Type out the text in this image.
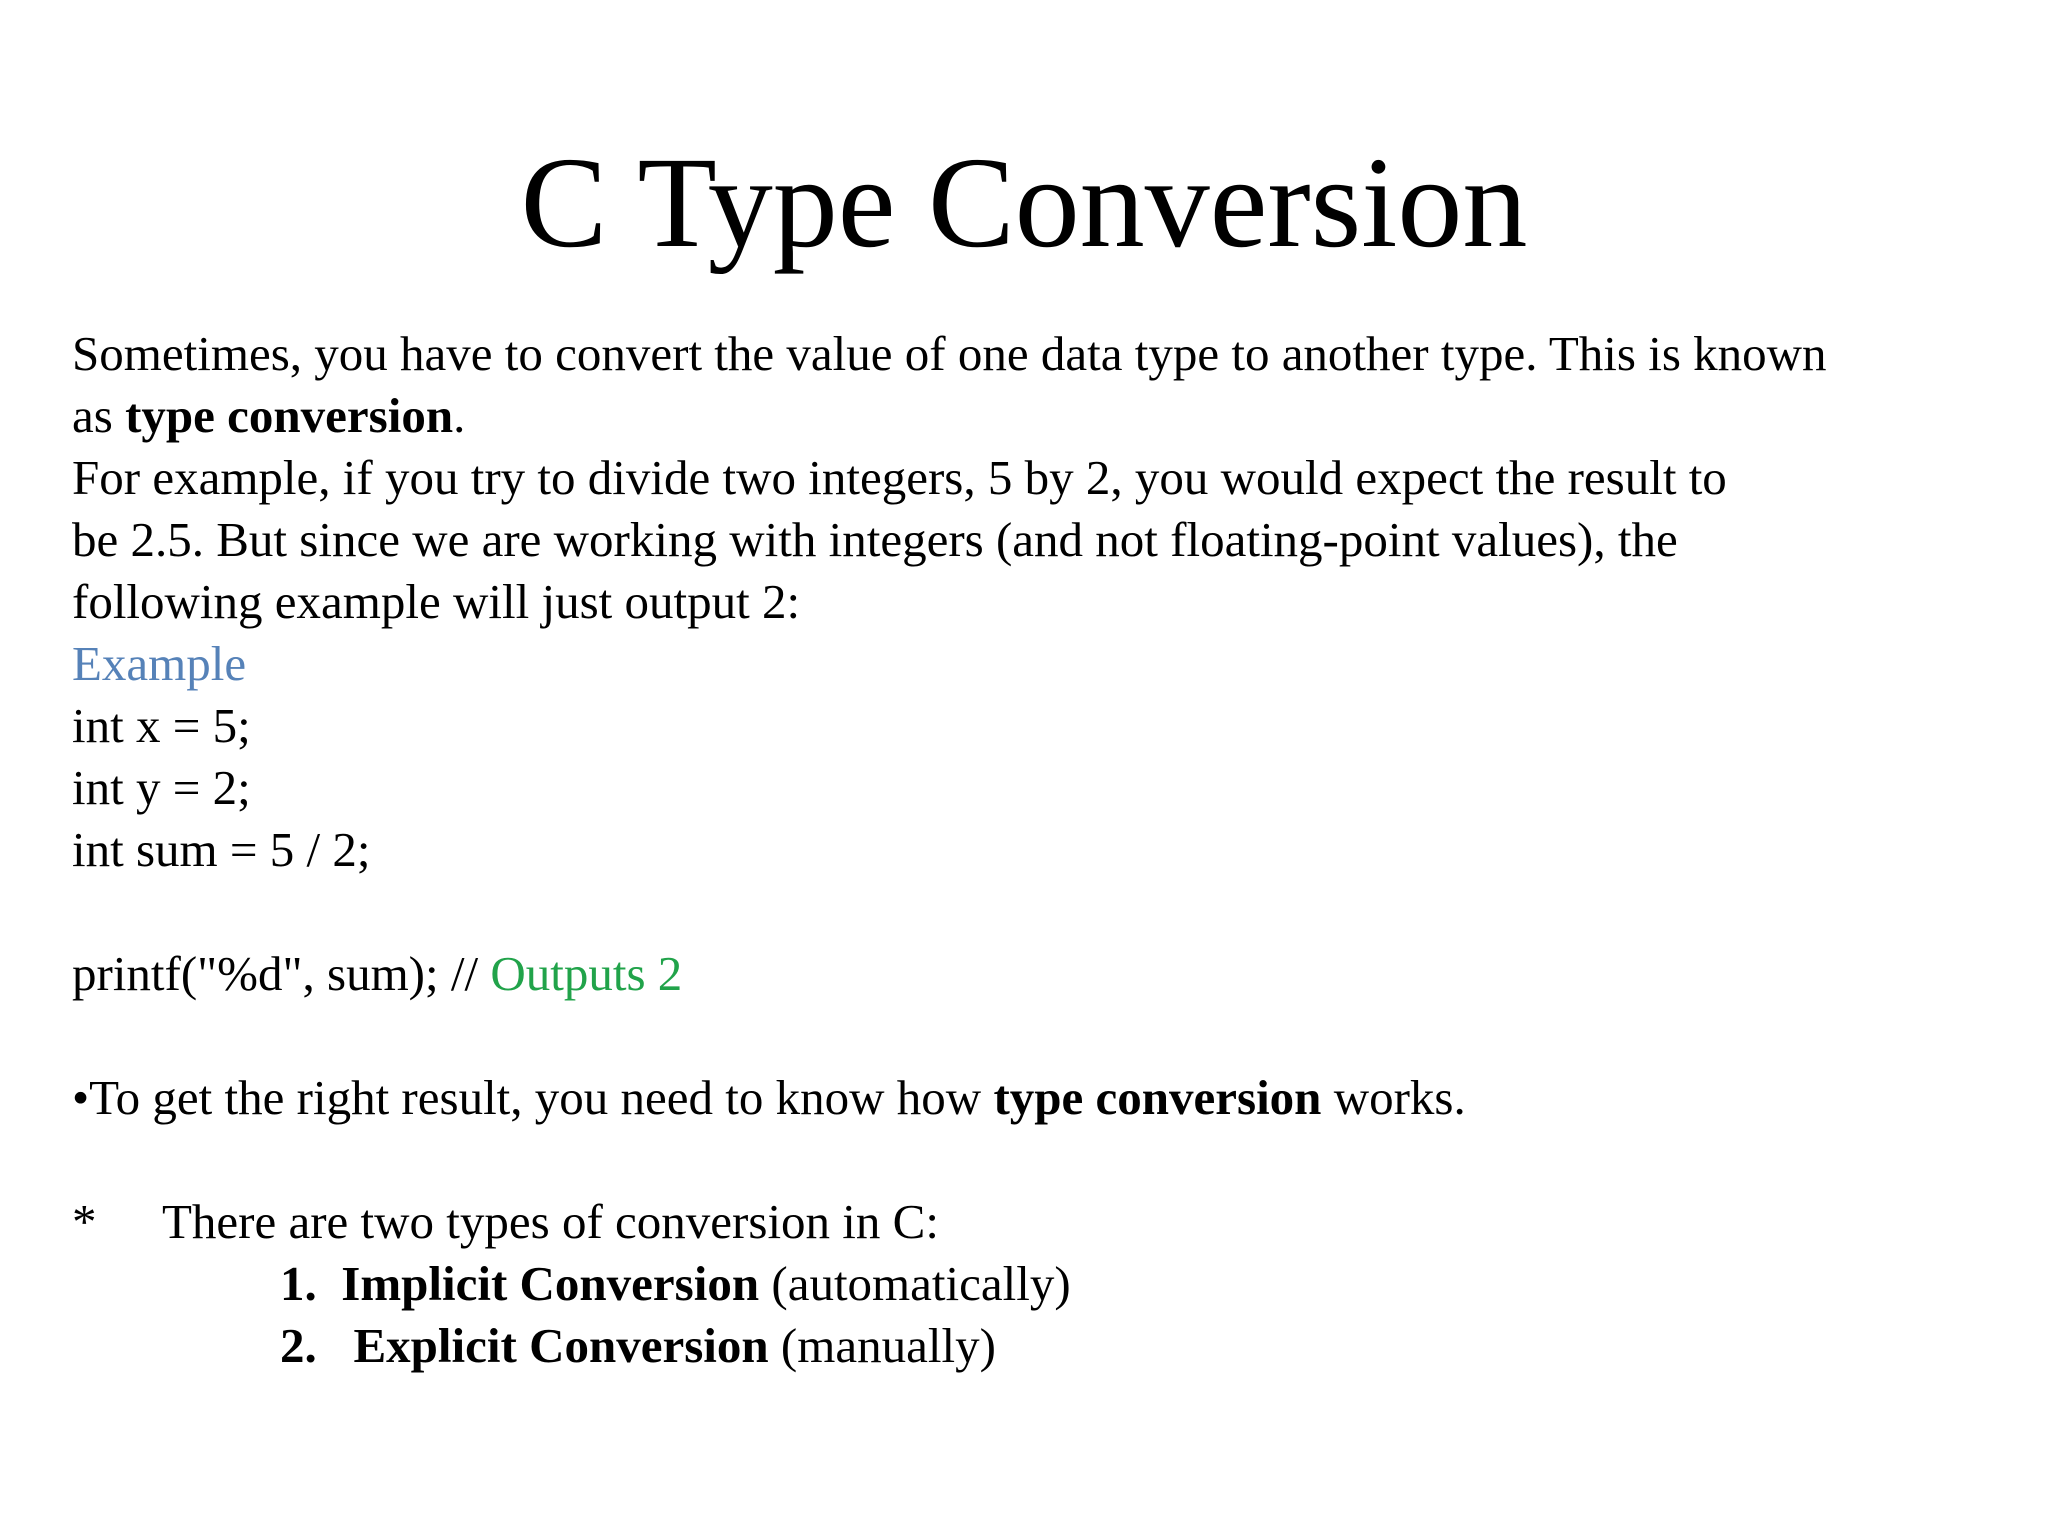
C Type Conversion
Sometimes, you have to convert the value of one data type to another type. This is known
as type conversion.
For example, if you try to divide two integers, 5 by 2, you would expect the result to
be 2.5. But since we are working with integers (and not floating-point values), the
following example will just output 2:
Example
int x = 5;
int y = 2;
int sum = 5 / 2;
printf("%d", sum); // Outputs 2
•To get the right result, you need to know how type conversion works.
*	There are two types of conversion in C:
1. Implicit Conversion (automatically)
2. Explicit Conversion (manually)
